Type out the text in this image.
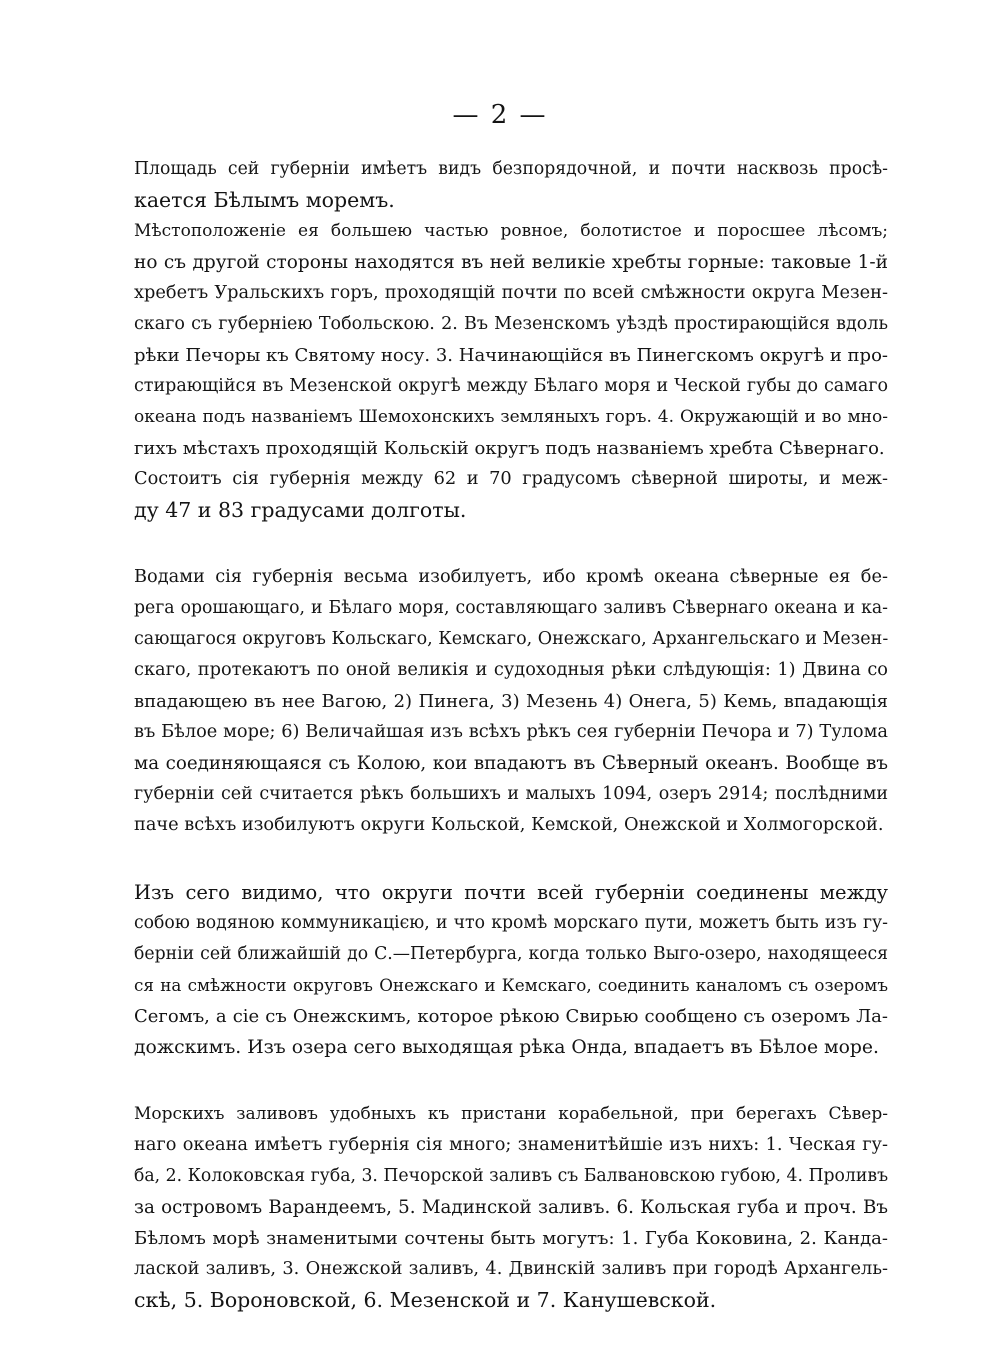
— 2 —

Площадь сей губерніи имѣетъ видъ безпорядочной, и почти насквозь просѣ-
кается Бѣлымъ моремъ.

Мѣстоположеніе ея большею частью ровное, болотистое и поросшее лѣсомъ;
но съ другой стороны находятся въ ней великіе хребты горные: таковые 1-й
хребетъ Уральскихъ горъ, проходящій почти по всей смѣжности округа Мезен-
скаго съ губерніею Тобольскою. 2. Въ Мезенскомъ уѣздѣ простирающійся вдоль
рѣки Печоры къ Святому носу. 3. Начинающійся въ Пинегскомъ округѣ и про-
стирающійся въ Мезенской округѣ между Бѣлаго моря и Ческой губы до самаго
океана подъ названіемъ Шемохонскихъ земляныхъ горъ. 4. Окружающій и во мно-
гихъ мѣстахъ проходящій Кольскій округъ подъ названіемъ хребта Сѣвернаго.

Состоитъ сія губернія между 62 и 70 градусомъ сѣверной широты, и меж-
ду 47 и 83 градусами долготы.

Водами сія губернія весьма изобилуетъ, ибо кромѣ океана сѣверные ея бе-
рега орошающаго, и Бѣлаго моря, составляющаго заливъ Сѣвернаго океана и ка-
сающагося округовъ Кольскаго, Кемскаго, Онежскаго, Архангельскаго и Мезен-
скаго, протекаютъ по оной великія и судоходныя рѣки слѣдующія: 1) Двина со
впадающею въ нее Вагою, 2) Пинега, 3) Мезень 4) Онега, 5) Кемь, впадающія
въ Бѣлое море; 6) Величайшая изъ всѣхъ рѣкъ сея губерніи Печора и 7) Тулома
ма соединяющаяся съ Колою, кои впадаютъ въ Сѣверный океанъ. Вообще въ
губерніи сей считается рѣкъ большихъ и малыхъ 1094, озеръ 2914; послѣдними
паче всѣхъ изобилуютъ округи Кольской, Кемской, Онежской и Холмогорской.

Изъ сего видимо, что округи почти всей губерніи соединены между
собою водяною коммуникацією, и что кромѣ морскаго пути, можетъ быть изъ гу-
берніи сей ближайшій до С.—Петербурга, когда только Выго-озеро, находящееся
ся на смѣжности округовъ Онежскаго и Кемскаго, соединить каналомъ съ озеромъ
Сегомъ, а сіе съ Онежскимъ, которое рѣкою Свирью сообщено съ озеромъ Ла-
дожскимъ. Изъ озера сего выходящая рѣка Онда, впадаетъ въ Бѣлое море.

Морскихъ заливовъ удобныхъ къ пристани корабельной, при берегахъ Сѣвер-
наго океана имѣетъ губернія сія много; знаменитѣйшіе изъ нихъ: 1. Ческая гу-
ба, 2. Колоковская губа, 3. Печорской заливъ съ Балвановскою губою, 4. Проливъ
за островомъ Варандеемъ, 5. Мадинской заливъ. 6. Кольская губа и проч. Въ
Бѣломъ морѣ знаменитыми сочтены быть могутъ: 1. Губа Коковина, 2. Канда-
лаской заливъ, 3. Онежской заливъ, 4. Двинскій заливъ при городѣ Архангель-
скѣ, 5. Вороновской, 6. Мезенской и 7. Канушевской.
